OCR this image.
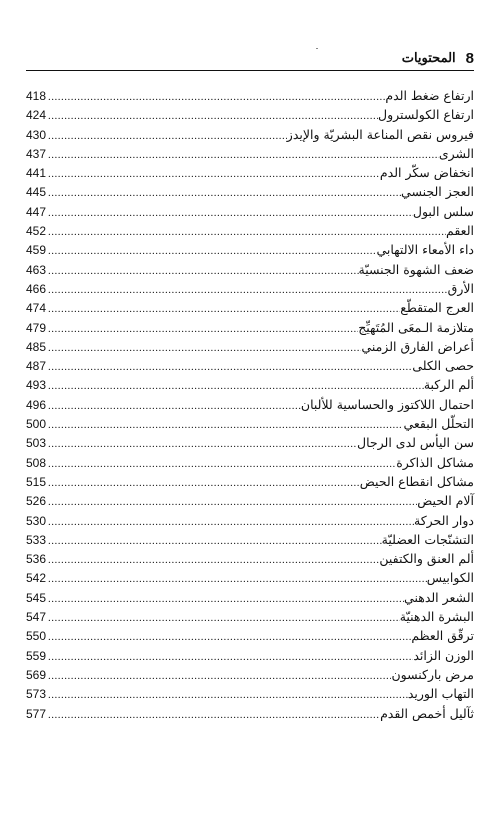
8
المحتويات
ارتفاع ضغط الدم
.....
418
ارتفاع الكولسترول
.....
424
فيروس نقص المناعة البشريّة والإيدز
.....
430
الشرى
.....
437
انخفاض سكّر الدم
.....
441
العجز الجنسي
.....
445
سلس البول
.....
447
العقم
.....
452
داء الأمعاء الالتهابي
.....
459
ضعف الشهوة الجنسيّة
.....
463
الأرق
.....
466
العرج المتقطّع
.....
474
متلازمة الـمعَى المُتَهيِّج
.....
479
أعراض الفارق الزمني
.....
485
حصى الكلى
.....
487
ألم الركبة
.....
493
احتمال اللاكتوز والحساسية للألبان
.....
496
التحلّل البقعي
.....
500
سن اليأس لدى الرجال
.....
503
مشاكل الذاكرة
.....
508
مشاكل انقطاع الحيض
.....
515
آلام الحيض
.....
526
دوار الحركة
.....
530
التشنّجات العضليّة
.....
533
ألم العنق والكتفين
.....
536
الكوابيس
.....
542
الشعر الدهني
.....
545
البشرة الدهنيّة
.....
547
ترقّق العظم
.....
550
الوزن الزائد
.....
559
مرض باركنسون
.....
569
التهاب الوريد
.....
573
ثآليل أخمص القدم
.....
577
